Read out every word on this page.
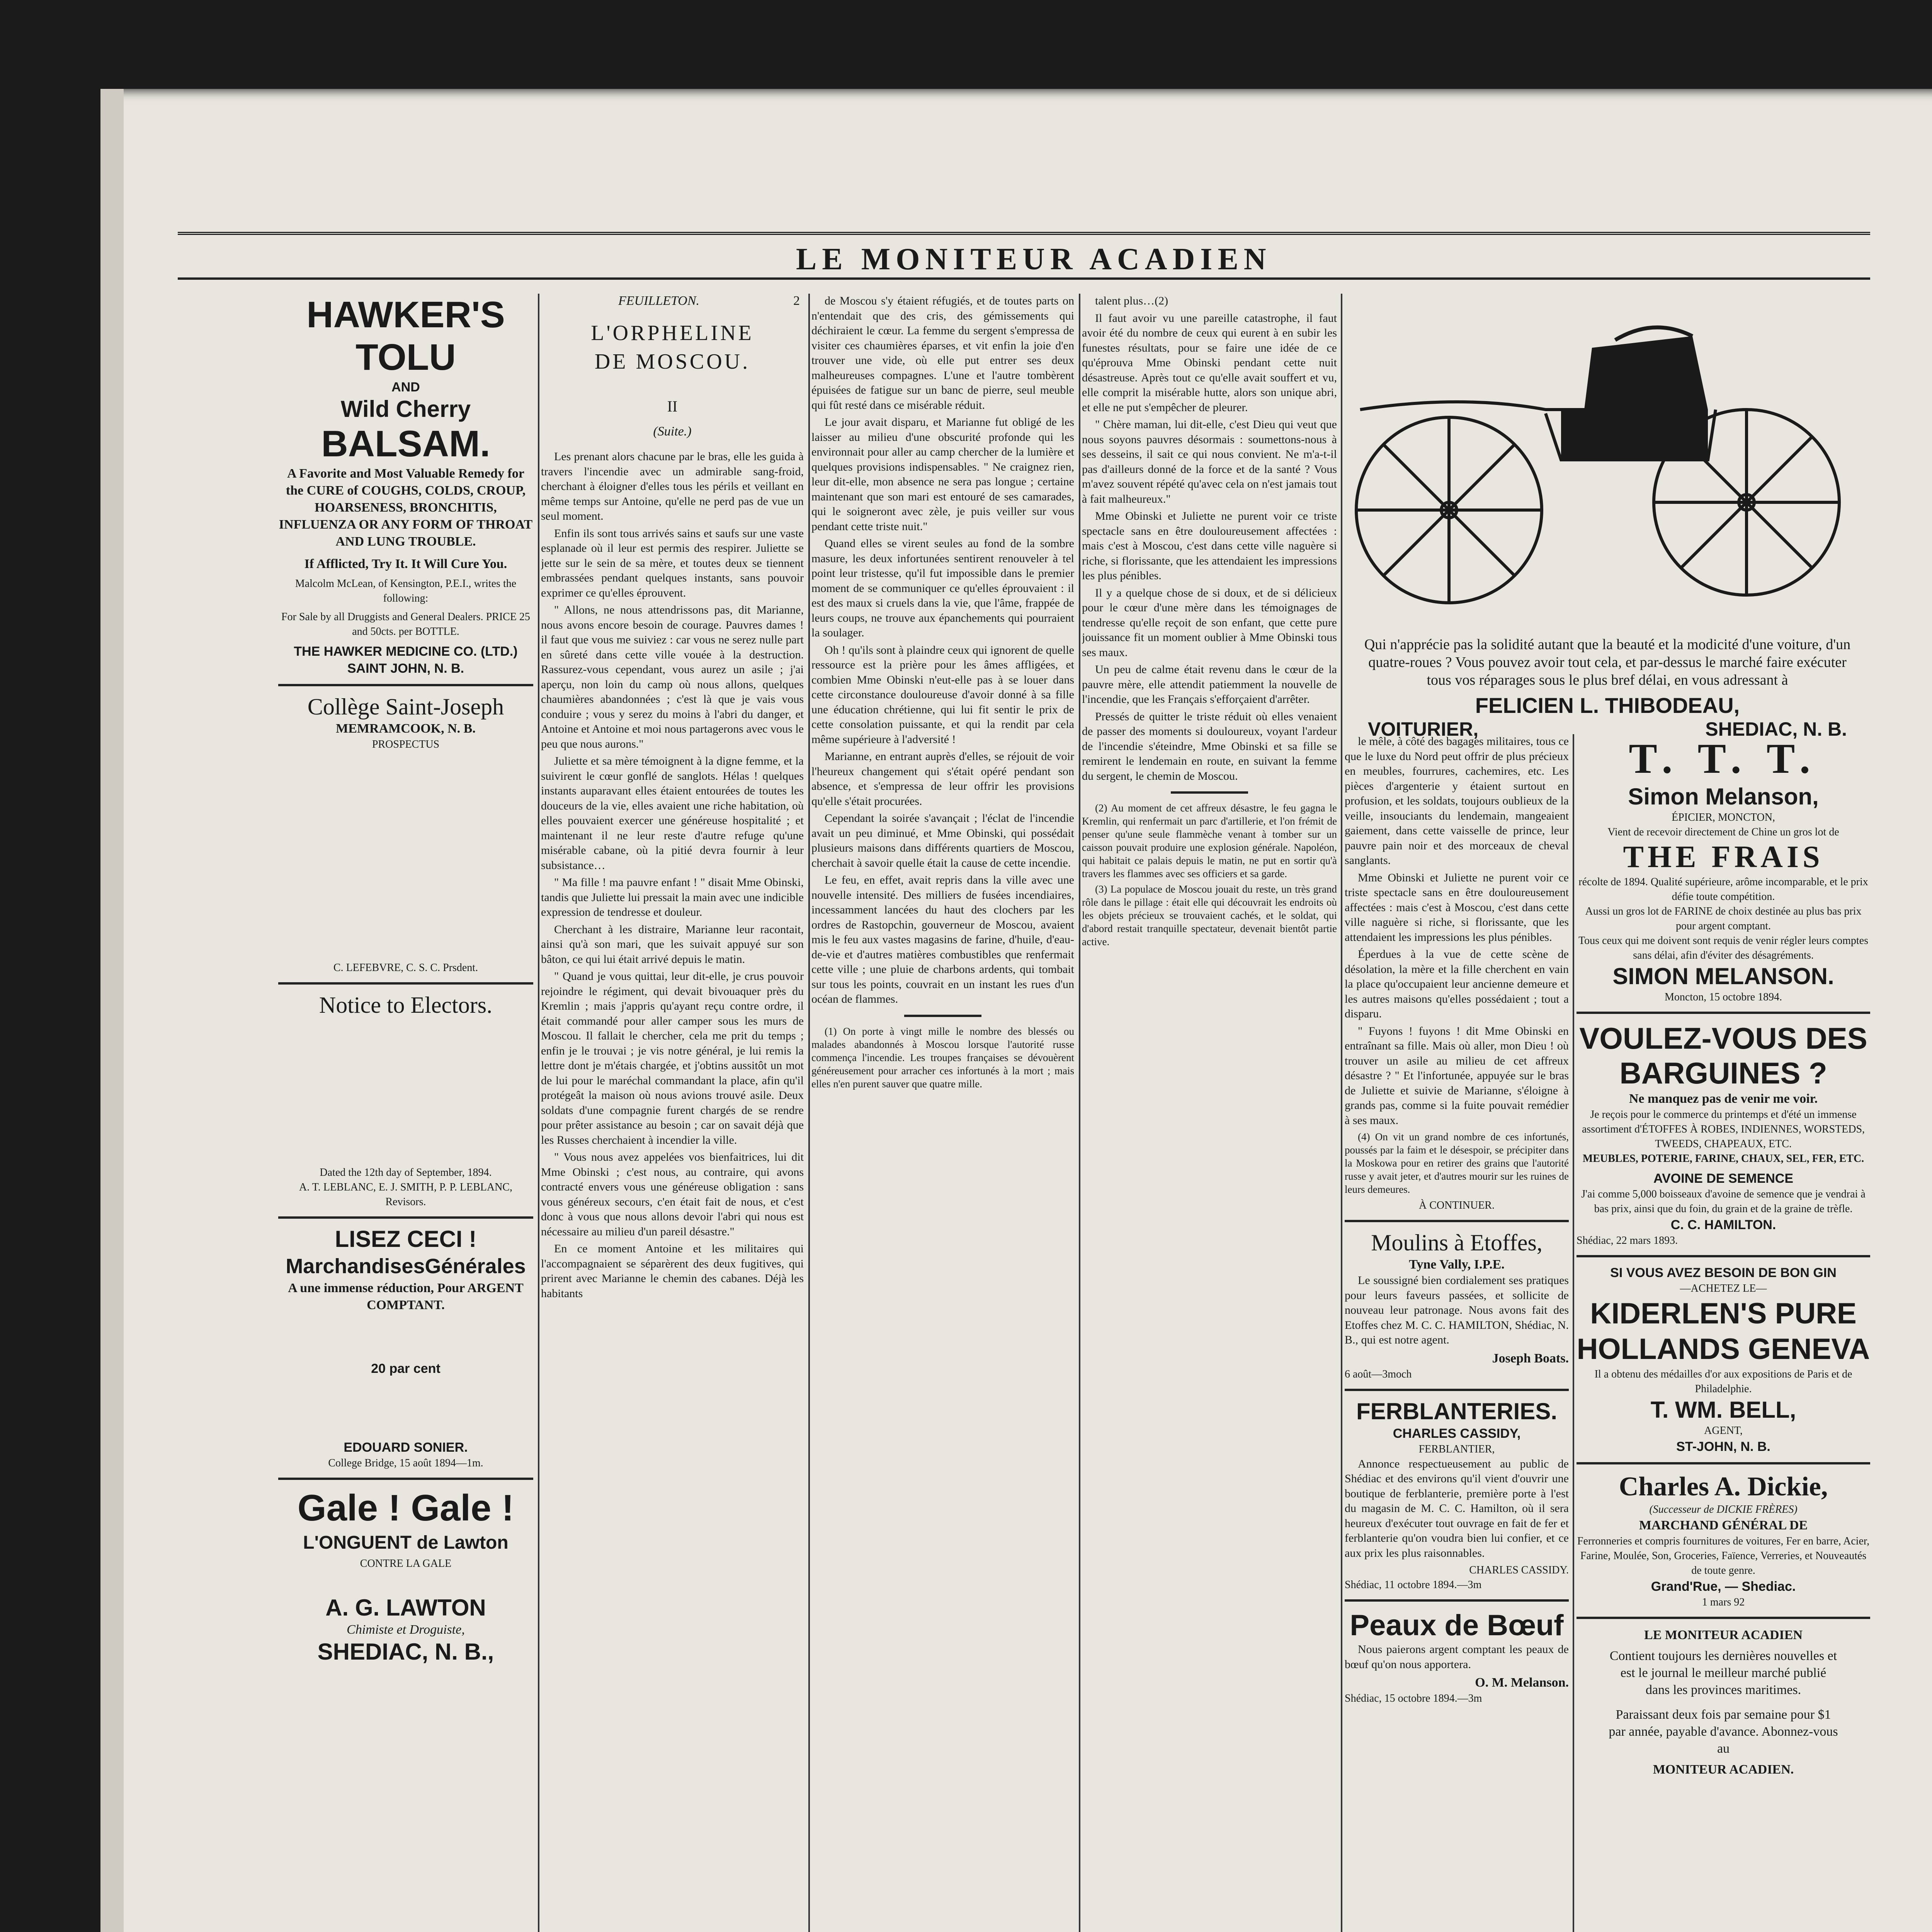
LE MONITEUR ACADIEN
HAWKER'S
TOLU
AND
Wild Cherry
BALSAM.
A Favorite and Most Valuable Remedy for the CURE of COUGHS, COLDS, CROUP, HOARSENESS, BRONCHITIS, INFLUENZA OR ANY FORM OF THROAT AND LUNG TROUBLE.
If Afflicted, Try It. It Will Cure You.
Malcolm McLean, of Kensington, P.E.I., writes the following:
For Sale by all Druggists and General Dealers. PRICE 25 and 50cts. per BOTTLE.
THE HAWKER MEDICINE CO. (LTD.) SAINT JOHN, N. B.
Collège Saint-Joseph
MEMRAMCOOK, N. B.
PROSPECTUS
C. LEFEBVRE, C. S. C. Prsdent.
Notice to Electors.
Dated the 12th day of September, 1894.
A. T. LEBLANC, E. J. SMITH, P. P. LEBLANC, Revisors.
LISEZ CECI !
MarchandisesGénérales
A une immense réduction, Pour ARGENT COMPTANT.
20 par cent
EDOUARD SONIER.
College Bridge, 15 août 1894—1m.
Gale ! Gale !
L'ONGUENT de Lawton
CONTRE LA GALE
A. G. LAWTON
Chimiste et Droguiste,
SHEDIAC, N. B.,
FEUILLETON.	2
L'ORPHELINE
DE MOSCOU.
II
(Suite.)

Les prenant alors chacune par le bras, elle les guida à travers l'incendie avec un admirable sang-froid, cherchant à éloigner d'elles tous les périls et veillant en même temps sur Antoine, qu'elle ne perd pas de vue un seul moment.

Enfin ils sont tous arrivés sains et saufs sur une vaste esplanade où il leur est permis des respirer. Juliette se jette sur le sein de sa mère, et toutes deux se tiennent embrassées pendant quelques instants, sans pouvoir exprimer ce qu'elles éprouvent.

" Allons, ne nous attendrissons pas, dit Marianne, nous avons encore besoin de courage. Pauvres dames ! il faut que vous me suiviez : car vous ne serez nulle part en sûreté dans cette ville vouée à la destruction. Rassurez-vous cependant, vous aurez un asile ; j'ai aperçu, non loin du camp où nous allons, quelques chaumières abandonnées ; c'est là que je vais vous conduire ; vous y serez du moins à l'abri du danger, et Antoine et Antoine et moi nous partagerons avec vous le peu que nous aurons."

Juliette et sa mère témoignent à la digne femme, et la suivirent le cœur gonflé de sanglots. Hélas ! quelques instants auparavant elles étaient entourées de toutes les douceurs de la vie, elles avaient une riche habitation, où elles pouvaient exercer une généreuse hospitalité ; et maintenant il ne leur reste d'autre refuge qu'une misérable cabane, où la pitié devra fournir à leur subsistance…

" Ma fille ! ma pauvre enfant ! " disait Mme Obinski, tandis que Juliette lui pressait la main avec une indicible expression de tendresse et douleur.

Cherchant à les distraire, Marianne leur racontait, ainsi qu'à son mari, que les suivait appuyé sur son bâton, ce qui lui était arrivé depuis le matin.

" Quand je vous quittai, leur dit-elle, je crus pouvoir rejoindre le régiment, qui devait bivouaquer près du Kremlin ; mais j'appris qu'ayant reçu contre ordre, il était commandé pour aller camper sous les murs de Moscou. Il fallait le chercher, cela me prit du temps ; enfin je le trouvai ; je vis notre général, je lui remis la lettre dont je m'étais chargée, et j'obtins aussitôt un mot de lui pour le maréchal commandant la place, afin qu'il protégeât la maison où nous avions trouvé asile. Deux soldats d'une compagnie furent chargés de se rendre pour prêter assistance au besoin ; car on savait déjà que les Russes cherchaient à incendier la ville.

" Vous nous avez appelées vos bienfaitrices, lui dit Mme Obinski ; c'est nous, au contraire, qui avons contracté envers vous une généreuse obligation : sans vous généreux secours, c'en était fait de nous, et c'est donc à vous que nous allons devoir l'abri qui nous est nécessaire au milieu d'un pareil désastre."

En ce moment Antoine et les militaires qui l'accompagnaient se séparèrent des deux fugitives, qui prirent avec Marianne le chemin des cabanes. Déjà les habitants

de Moscou s'y étaient réfugiés, et de toutes parts on n'entendait que des cris, des gémissements qui déchiraient le cœur. La femme du sergent s'empressa de visiter ces chaumières éparses, et vit enfin la joie d'en trouver une vide, où elle put entrer ses deux malheureuses compagnes. L'une et l'autre tombèrent épuisées de fatigue sur un banc de pierre, seul meuble qui fût resté dans ce misérable réduit.

Le jour avait disparu, et Marianne fut obligé de les laisser au milieu d'une obscurité profonde qui les environnait pour aller au camp chercher de la lumière et quelques provisions indispensables. " Ne craignez rien, leur dit-elle, mon absence ne sera pas longue ; certaine maintenant que son mari est entouré de ses camarades, qui le soigneront avec zèle, je puis veiller sur vous pendant cette triste nuit."

Quand elles se virent seules au fond de la sombre masure, les deux infortunées sentirent renouveler à tel point leur tristesse, qu'il fut impossible dans le premier moment de se communiquer ce qu'elles éprouvaient : il est des maux si cruels dans la vie, que l'âme, frappée de leurs coups, ne trouve aux épanchements qui pourraient la soulager.

Oh ! qu'ils sont à plaindre ceux qui ignorent de quelle ressource est la prière pour les âmes affligées, et combien Mme Obinski n'eut-elle pas à se louer dans cette circonstance douloureuse d'avoir donné à sa fille une éducation chrétienne, qui lui fit sentir le prix de cette consolation puissante, et qui la rendit par cela même supérieure à l'adversité !

Marianne, en entrant auprès d'elles, se réjouit de voir l'heureux changement qui s'était opéré pendant son absence, et s'empressa de leur offrir les provisions qu'elle s'était procurées.

Cependant la soirée s'avançait ; l'éclat de l'incendie avait un peu diminué, et Mme Obinski, qui possédait plusieurs maisons dans différents quartiers de Moscou, cherchait à savoir quelle était la cause de cette incendie.

Le feu, en effet, avait repris dans la ville avec une nouvelle intensité. Des milliers de fusées incendiaires, incessamment lancées du haut des clochers par les ordres de Rastopchin, gouverneur de Moscou, avaient mis le feu aux vastes magasins de farine, d'huile, d'eau-de-vie et d'autres matières combustibles que renfermait cette ville ; une pluie de charbons ardents, qui tombait sur tous les points, couvrait en un instant les rues d'un océan de flammes.

(1) On porte à vingt mille le nombre des blessés ou malades abandonnés à Moscou lorsque l'autorité russe commença l'incendie. Les troupes françaises se dévouèrent généreusement pour arracher ces infortunés à la mort ; mais elles n'en purent sauver que quatre mille.

talent plus…(2)

Il faut avoir vu une pareille catastrophe, il faut avoir été du nombre de ceux qui eurent à en subir les funestes résultats, pour se faire une idée de ce qu'éprouva Mme Obinski pendant cette nuit désastreuse. Après tout ce qu'elle avait souffert et vu, elle comprit la misérable hutte, alors son unique abri, et elle ne put s'empêcher de pleurer.

" Chère maman, lui dit-elle, c'est Dieu qui veut que nous soyons pauvres désormais : soumettons-nous à ses desseins, il sait ce qui nous convient. Ne m'a-t-il pas d'ailleurs donné de la force et de la santé ? Vous m'avez souvent répété qu'avec cela on n'est jamais tout à fait malheureux."

Mme Obinski et Juliette ne purent voir ce triste spectacle sans en être douloureusement affectées : mais c'est à Moscou, c'est dans cette ville naguère si riche, si florissante, que les attendaient les impressions les plus pénibles.

Il y a quelque chose de si doux, et de si délicieux pour le cœur d'une mère dans les témoignages de tendresse qu'elle reçoit de son enfant, que cette pure jouissance fit un moment oublier à Mme Obinski tous ses maux.

Un peu de calme était revenu dans le cœur de la pauvre mère, elle attendit patiemment la nouvelle de l'incendie, que les Français s'efforçaient d'arrêter.

Pressés de quitter le triste réduit où elles venaient de passer des moments si douloureux, voyant l'ardeur de l'incendie s'éteindre, Mme Obinski et sa fille se remirent le lendemain en route, en suivant la femme du sergent, le chemin de Moscou.

(2) Au moment de cet affreux désastre, le feu gagna le Kremlin, qui renfermait un parc d'artillerie, et l'on frémit de penser qu'une seule flammèche venant à tomber sur un caisson pouvait produire une explosion générale. Napoléon, qui habitait ce palais depuis le matin, ne put en sortir qu'à travers les flammes avec ses officiers et sa garde.

(3) La populace de Moscou jouait du reste, un très grand rôle dans le pillage : était elle qui découvrait les endroits où les objets précieux se trouvaient cachés, et le soldat, qui d'abord restait tranquille spectateur, devenait bientôt partie active.

Qui n'apprécie pas la solidité autant que la beauté et la modicité d'une voiture, d'un quatre-roues ? Vous pouvez avoir tout cela, et par-dessus le marché faire exécuter tous vos réparages sous le plus bref délai, en vous adressant à
FELICIEN L. THIBODEAU,
VOITURIER,	SHEDIAC, N. B.

le mêle, à côté des bagages militaires, tous ce que le luxe du Nord peut offrir de plus précieux en meubles, fourrures, cachemires, etc. Les pièces d'argenterie y étaient surtout en profusion, et les soldats, toujours oublieux de la veille, insouciants du lendemain, mangeaient gaiement, dans cette vaisselle de prince, leur pauvre pain noir et des morceaux de cheval sanglants.

Mme Obinski et Juliette ne purent voir ce triste spectacle sans en être douloureusement affectées : mais c'est à Moscou, c'est dans cette ville naguère si riche, si florissante, que les attendaient les impressions les plus pénibles.

Éperdues à la vue de cette scène de désolation, la mère et la fille cherchent en vain la place qu'occupaient leur ancienne demeure et les autres maisons qu'elles possédaient ; tout a disparu.

" Fuyons ! fuyons ! dit Mme Obinski en entraînant sa fille. Mais où aller, mon Dieu ! où trouver un asile au milieu de cet affreux désastre ? " Et l'infortunée, appuyée sur le bras de Juliette et suivie de Marianne, s'éloigne à grands pas, comme si la fuite pouvait remédier à ses maux.

(4) On vit un grand nombre de ces infortunés, poussés par la faim et le désespoir, se précipiter dans la Moskowa pour en retirer des grains que l'autorité russe y avait jeter, et d'autres mourir sur les ruines de leurs demeures.

À CONTINUER.
Moulins à Etoffes,
Tyne Vally, I.P.E.

Le soussigné bien cordialement ses pratiques pour leurs faveurs passées, et sollicite de nouveau leur patronage. Nous avons fait des Etoffes chez M. C. C. HAMILTON, Shédiac, N. B., qui est notre agent.

Joseph Boats.
6 août—3moch
FERBLANTERIES.
CHARLES CASSIDY,
FERBLANTIER,

Annonce respectueusement au public de Shédiac et des environs qu'il vient d'ouvrir une boutique de ferblanterie, première porte à l'est du magasin de M. C. C. Hamilton, où il sera heureux d'exécuter tout ouvrage en fait de fer et ferblanterie qu'on voudra bien lui confier, et ce aux prix les plus raisonnables.

CHARLES CASSIDY.
Shédiac, 11 octobre 1894.—3m
Peaux de Bœuf

Nous paierons argent comptant les peaux de bœuf qu'on nous apportera.

O. M. Melanson.
Shédiac, 15 octobre 1894.—3m
T. T. T.
Simon Melanson,
ÉPICIER, MONCTON,
Vient de recevoir directement de Chine un gros lot de
THE FRAIS
récolte de 1894. Qualité supérieure, arôme incomparable, et le prix défie toute compétition.
Aussi un gros lot de FARINE de choix destinée au plus bas prix pour argent comptant.
Tous ceux qui me doivent sont requis de venir régler leurs comptes sans délai, afin d'éviter des désagréments.
SIMON MELANSON.
Moncton, 15 octobre 1894.
VOULEZ-VOUS DES BARGUINES ?
Ne manquez pas de venir me voir.
Je reçois pour le commerce du printemps et d'été un immense assortiment d'ÉTOFFES À ROBES, INDIENNES, WORSTEDS, TWEEDS, CHAPEAUX, ETC.
MEUBLES, POTERIE, FARINE, CHAUX, SEL, FER, ETC.
AVOINE DE SEMENCE
J'ai comme 5,000 boisseaux d'avoine de semence que je vendrai à bas prix, ainsi que du foin, du grain et de la graine de trèfle.
C. C. HAMILTON.
Shédiac, 22 mars 1893.
SI VOUS AVEZ BESOIN DE BON GIN
—ACHETEZ LE—
KIDERLEN'S PURE HOLLANDS GENEVA
Il a obtenu des médailles d'or aux expositions de Paris et de Philadelphie.
T. WM. BELL,
AGENT,
ST-JOHN, N. B.
Charles A. Dickie,
(Successeur de DICKIE FRÈRES)
MARCHAND GÉNÉRAL DE
Ferronneries et compris fournitures de voitures, Fer en barre, Acier, Farine, Moulée, Son, Groceries, Faïence, Verreries, et Nouveautés de toute genre.
Grand'Rue, — Shediac.
1 mars 92
LE MONITEUR ACADIEN
Contient toujours les dernières nouvelles et est le journal le meilleur marché publié dans les provinces maritimes.
Paraissant deux fois par semaine pour $1 par année, payable d'avance. Abonnez-vous au
MONITEUR ACADIEN.
